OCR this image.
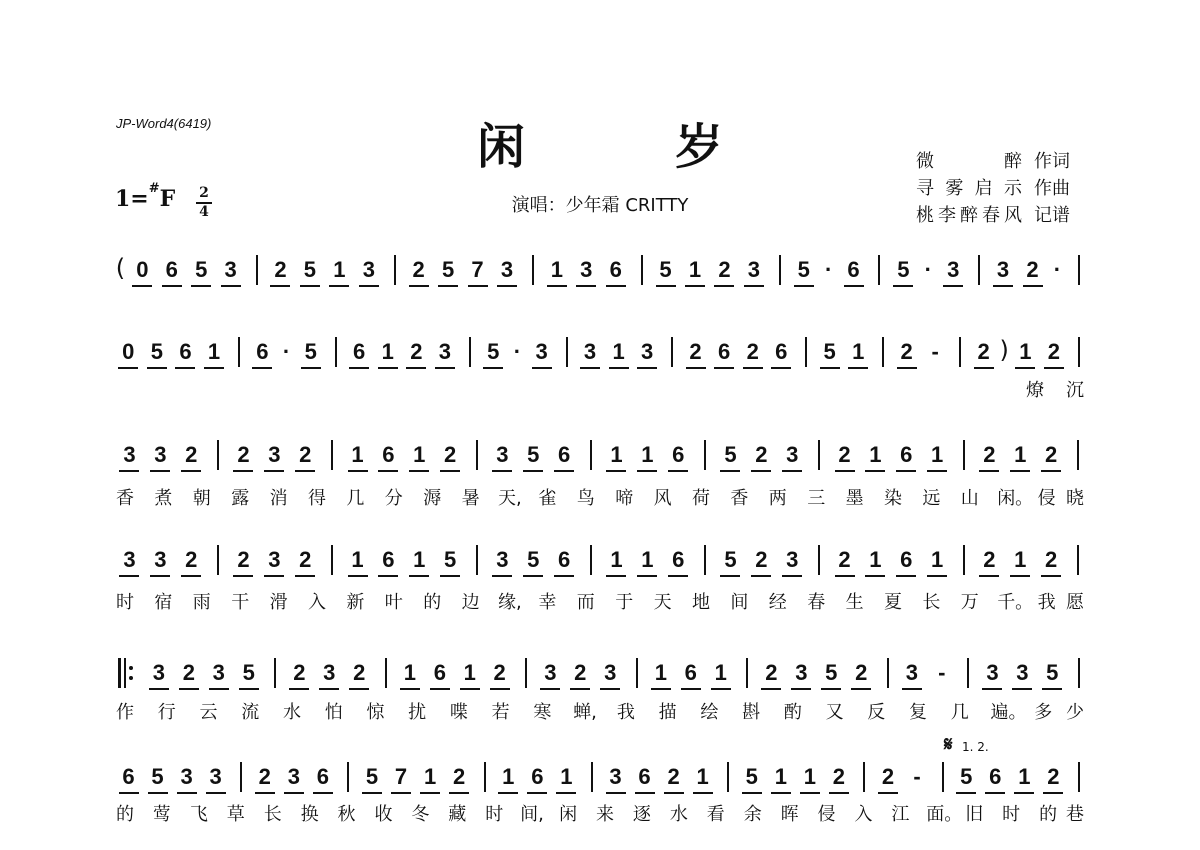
JP-Word4(6419)	闲岁	微 醉 作词
寻雾启示 作曲
桃李醉春风 记谱
1=#F 2
4	演唱：少年霜 CRITTY
𝄋 1. 2.
( 0 6 5 3 2 5 1 3 2 5 7 3 1 3 6 5 1 2 3 5 · 6 5 · 3 3 2 ·
0 5 6 1 6 · 5 6 1 2 3 5 · 3 3 1 3 2 6 2 6 5 1 2 - 2 ) 1 2
燎 沉
3 3 2 2 3 2 1 6 1 2 3 5 6 1 1 6 5 2 3 2 1 6 1 2 1 2
香 煮 朝 露 消 得 几 分 溽 暑 天, 雀 鸟 啼 风 荷 香 两 三 墨 染 远 山 闲。 侵 晓
3 3 2 2 3 2 1 6 1 5 3 5 6 1 1 6 5 2 3 2 1 6 1 2 1 2
时 宿 雨 干 滑 入 新 叶 的 边 缘, 幸 而 于 天 地 间 经 春 生 夏 长 万 千。 我 愿
3 2 3 5 2 3 2 1 6 1 2 3 2 3 1 6 1 2 3 5 2 3 - 3 3 5
作 行 云 流 水 怕 惊 扰 喋 若 寒 蝉, 我 描 绘 斟 酌 又 反 复 几 遍。 多 少
6 5 3 3 2 3 6 5 7 1 2 1 6 1 3 6 2 1 5 1 1 2 2 - 5 6 1 2
的 莺 飞 草 长 换 秋 收 冬 藏 时 间, 闲 来 逐 水 看 余 晖 侵 入 江 面。 旧 时 的 巷
